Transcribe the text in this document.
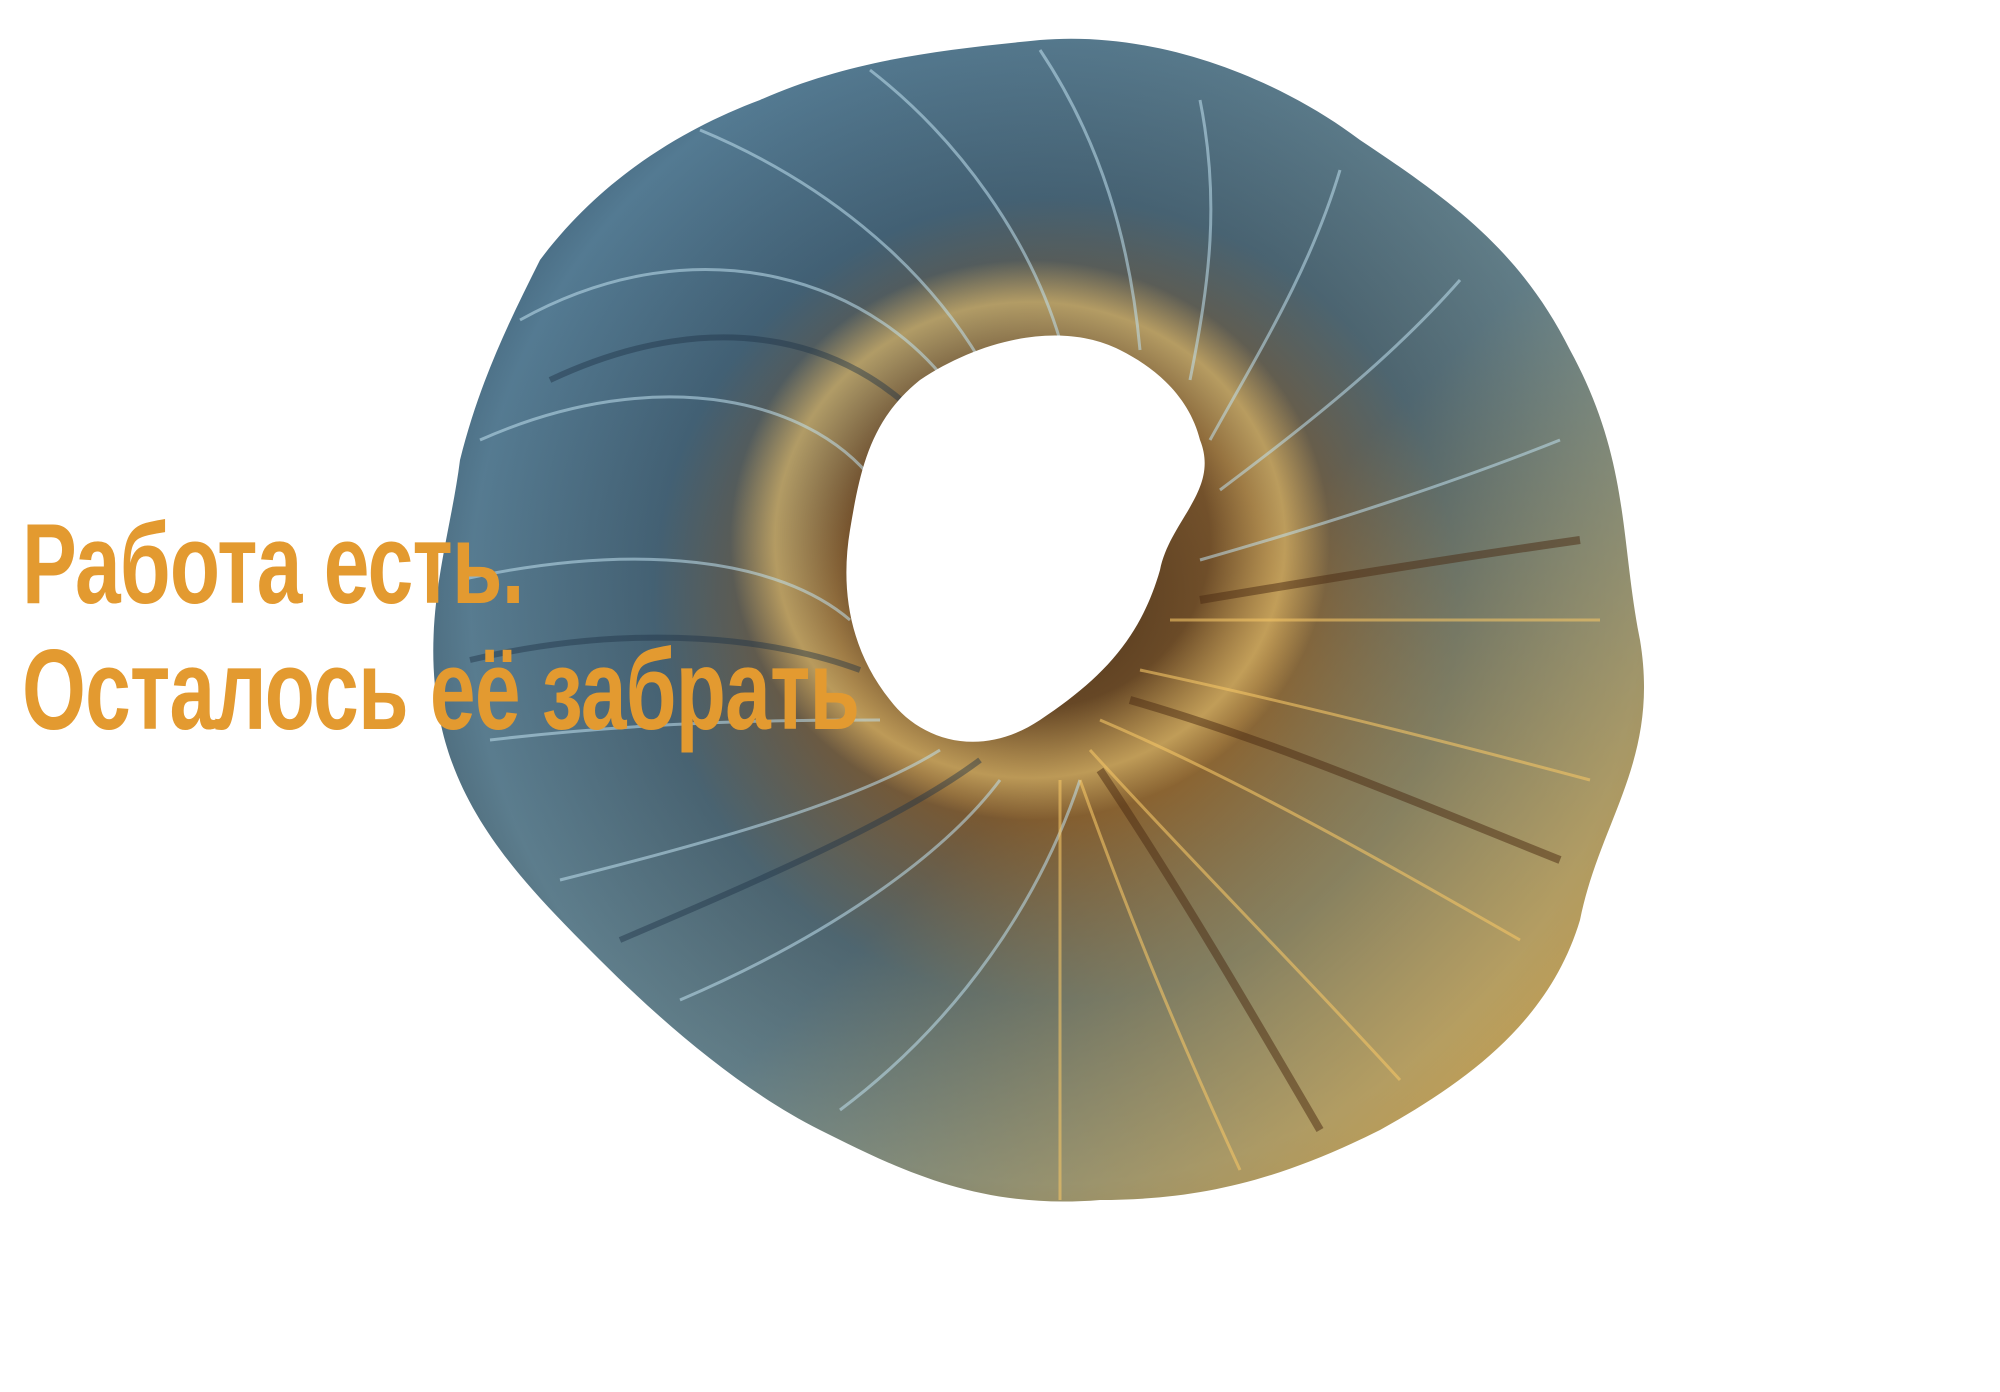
Работа есть.
Осталось её забрать
